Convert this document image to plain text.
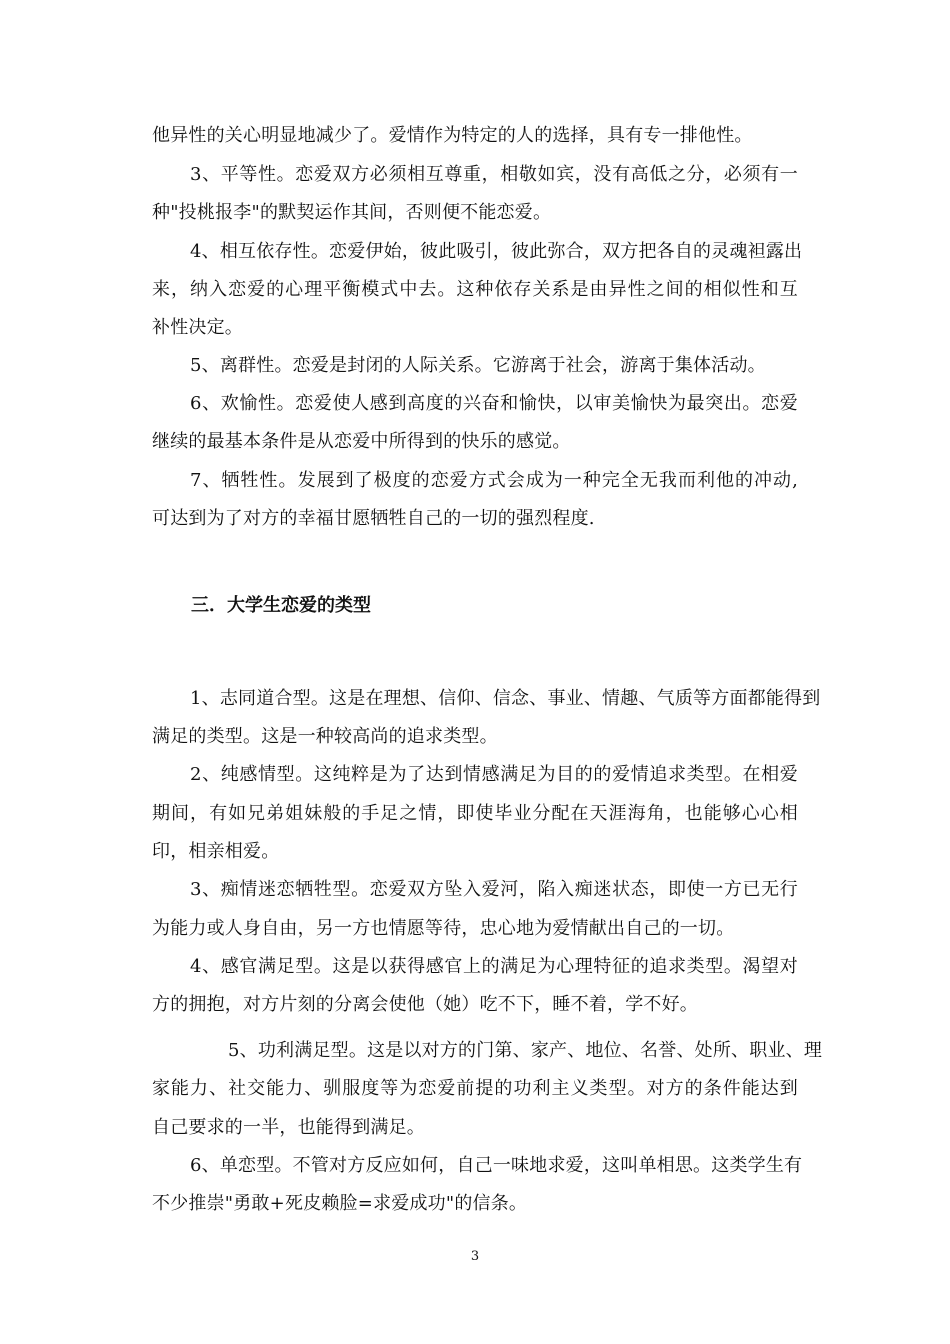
他异性的关心明显地减少了。爱情作为特定的人的选择，具有专一排他性。
3、平等性。恋爱双方必须相互尊重，相敬如宾，没有高低之分，必须有一
种"投桃报李"的默契运作其间，否则便不能恋爱。
4、相互依存性。恋爱伊始，彼此吸引，彼此弥合，双方把各自的灵魂袒露出
来，纳入恋爱的心理平衡模式中去。这种依存关系是由异性之间的相似性和互
补性决定。
5、离群性。恋爱是封闭的人际关系。它游离于社会，游离于集体活动。
6、欢愉性。恋爱使人感到高度的兴奋和愉快，以审美愉快为最突出。恋爱
继续的最基本条件是从恋爱中所得到的快乐的感觉。
7、牺牲性。发展到了极度的恋爱方式会成为一种完全无我而利他的冲动,
可达到为了对方的幸福甘愿牺牲自己的一切的强烈程度.
三．大学生恋爱的类型
1、志同道合型。这是在理想、信仰、信念、事业、情趣、气质等方面都能得到
满足的类型。这是一种较高尚的追求类型。
2、纯感情型。这纯粹是为了达到情感满足为目的的爱情追求类型。在相爱
期间，有如兄弟姐妹般的手足之情，即使毕业分配在天涯海角，也能够心心相
印，相亲相爱。
3、痴情迷恋牺牲型。恋爱双方坠入爱河，陷入痴迷状态，即使一方已无行
为能力或人身自由，另一方也情愿等待，忠心地为爱情献出自己的一切。
4、感官满足型。这是以获得感官上的满足为心理特征的追求类型。渴望对
方的拥抱，对方片刻的分离会使他（她）吃不下，睡不着，学不好。
5、功利满足型。这是以对方的门第、家产、地位、名誉、处所、职业、理
家能力、社交能力、驯服度等为恋爱前提的功利主义类型。对方的条件能达到
自己要求的一半，也能得到满足。
6、单恋型。不管对方反应如何，自己一味地求爱，这叫单相思。这类学生有
不少推崇"勇敢+死皮赖脸=求爱成功"的信条。
3
